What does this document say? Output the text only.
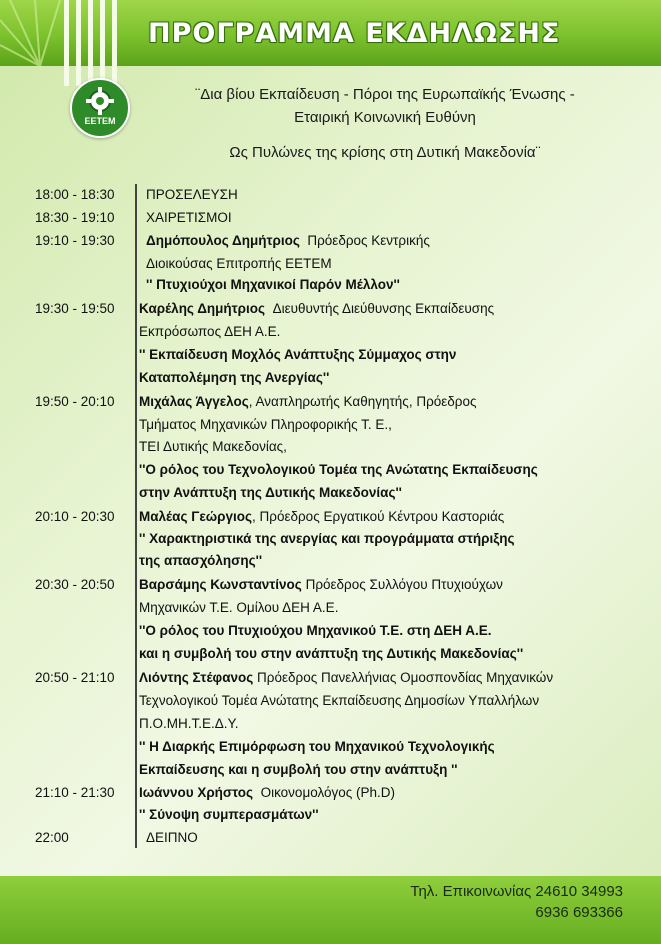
ΠΡΟΓΡΑΜΜΑ ΕΚΔΗΛΩΣΗΣ
ΕΕΤΕΜ
¨Δια βίου Εκπαίδευση - Πόροι της Ευρωπαϊκής Ένωσης -
Εταιρική Κοινωνική Ευθύνη
Ως Πυλώνες της κρίσης στη Δυτική Μακεδονία¨
18:00 - 18:30 ΠΡΟΣΕΛΕΥΣΗ
18:30 - 19:10 ΧΑΙΡΕΤΙΣΜΟΙ
19:10 - 19:30 Δημόπουλος Δημήτριος Πρόεδρος Κεντρικής
Διοικούσας Επιτροπής ΕΕΤΕΜ
'' Πτυχιούχοι Μηχανικοί Παρόν Μέλλον''
19:30 - 19:50 Καρέλης Δημήτριος Διευθυντής Διεύθυνσης Εκπαίδευσης
Εκπρόσωπος ΔΕΗ Α.Ε.
'' Εκπαίδευση Μοχλός Ανάπτυξης Σύμμαχος στην
Καταπολέμηση της Ανεργίας''
19:50 - 20:10 Μιχάλας Άγγελος, Αναπληρωτής Καθηγητής, Πρόεδρος
Τμήματος Μηχανικών Πληροφορικής Τ. Ε.,
ΤΕΙ Δυτικής Μακεδονίας,
''Ο ρόλος του Τεχνολογικού Τομέα της Ανώτατης Εκπαίδευσης
στην Ανάπτυξη της Δυτικής Μακεδονίας''
20:10 - 20:30 Μαλέας Γεώργιος, Πρόεδρος Εργατικού Κέντρου Καστοριάς
'' Χαρακτηριστικά της ανεργίας και προγράμματα στήριξης
της απασχόλησης''
20:30 - 20:50 Βαρσάμης Κωνσταντίνος Πρόεδρος Συλλόγου Πτυχιούχων
Μηχανικών Τ.Ε. Ομίλου ΔΕΗ Α.Ε.
''Ο ρόλος του Πτυχιούχου Μηχανικού Τ.Ε. στη ΔΕΗ Α.Ε.
και η συμβολή του στην ανάπτυξη της Δυτικής Μακεδονίας''
20:50 - 21:10 Λιόντης Στέφανος Πρόεδρος Πανελλήνιας Ομοσπονδίας Μηχανικών
Τεχνολογικού Τομέα Ανώτατης Εκπαίδευσης Δημοσίων Υπαλλήλων
Π.Ο.ΜΗ.Τ.Ε.Δ.Υ.
'' Η Διαρκής Επιμόρφωση του Μηχανικού Τεχνολογικής
Εκπαίδευσης και η συμβολή του στην ανάπτυξη ''
21:10 - 21:30 Ιωάννου Χρήστος Οικονομολόγος (Ph.D)
'' Σύνοψη συμπερασμάτων''
22:00	ΔΕΙΠΝΟ
Τηλ. Επικοινωνίας 24610 34993
6936 693366
